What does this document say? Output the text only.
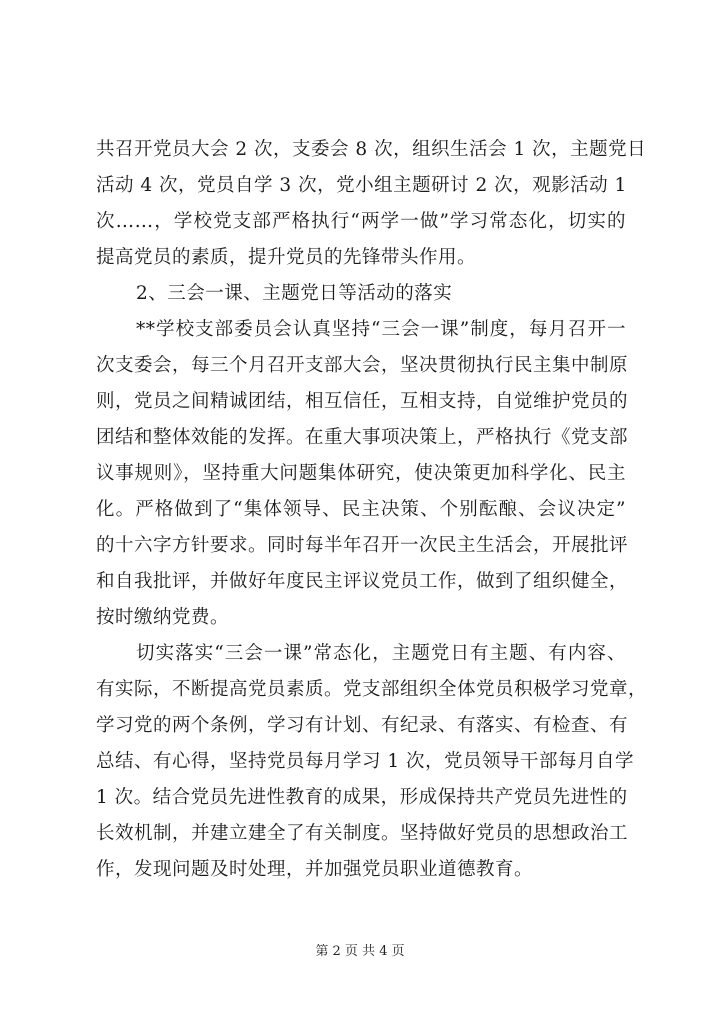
共召开党员大会 2 次，支委会 8 次，组织生活会 1 次，主题党日
活动 4 次，党员自学 3 次，党小组主题研讨 2 次，观影活动 1
次……，学校党支部严格执行“两学一做”学习常态化，切实的
提高党员的素质，提升党员的先锋带头作用。
2、三会一课、主题党日等活动的落实
**学校支部委员会认真坚持“三会一课”制度，每月召开一
次支委会，每三个月召开支部大会，坚决贯彻执行民主集中制原
则，党员之间精诚团结，相互信任，互相支持，自觉维护党员的
团结和整体效能的发挥。在重大事项决策上，严格执行《党支部
议事规则》，坚持重大问题集体研究，使决策更加科学化、民主
化。严格做到了“集体领导、民主决策、个别酝酿、会议决定”
的十六字方针要求。同时每半年召开一次民主生活会，开展批评
和自我批评，并做好年度民主评议党员工作，做到了组织健全，
按时缴纳党费。
切实落实“三会一课”常态化，主题党日有主题、有内容、
有实际，不断提高党员素质。党支部组织全体党员积极学习党章，
学习党的两个条例，学习有计划、有纪录、有落实、有检查、有
总结、有心得，坚持党员每月学习 1 次，党员领导干部每月自学
1 次。结合党员先进性教育的成果，形成保持共产党员先进性的
长效机制，并建立建全了有关制度。坚持做好党员的思想政治工
作，发现问题及时处理，并加强党员职业道德教育。
第 2 页 共 4 页
